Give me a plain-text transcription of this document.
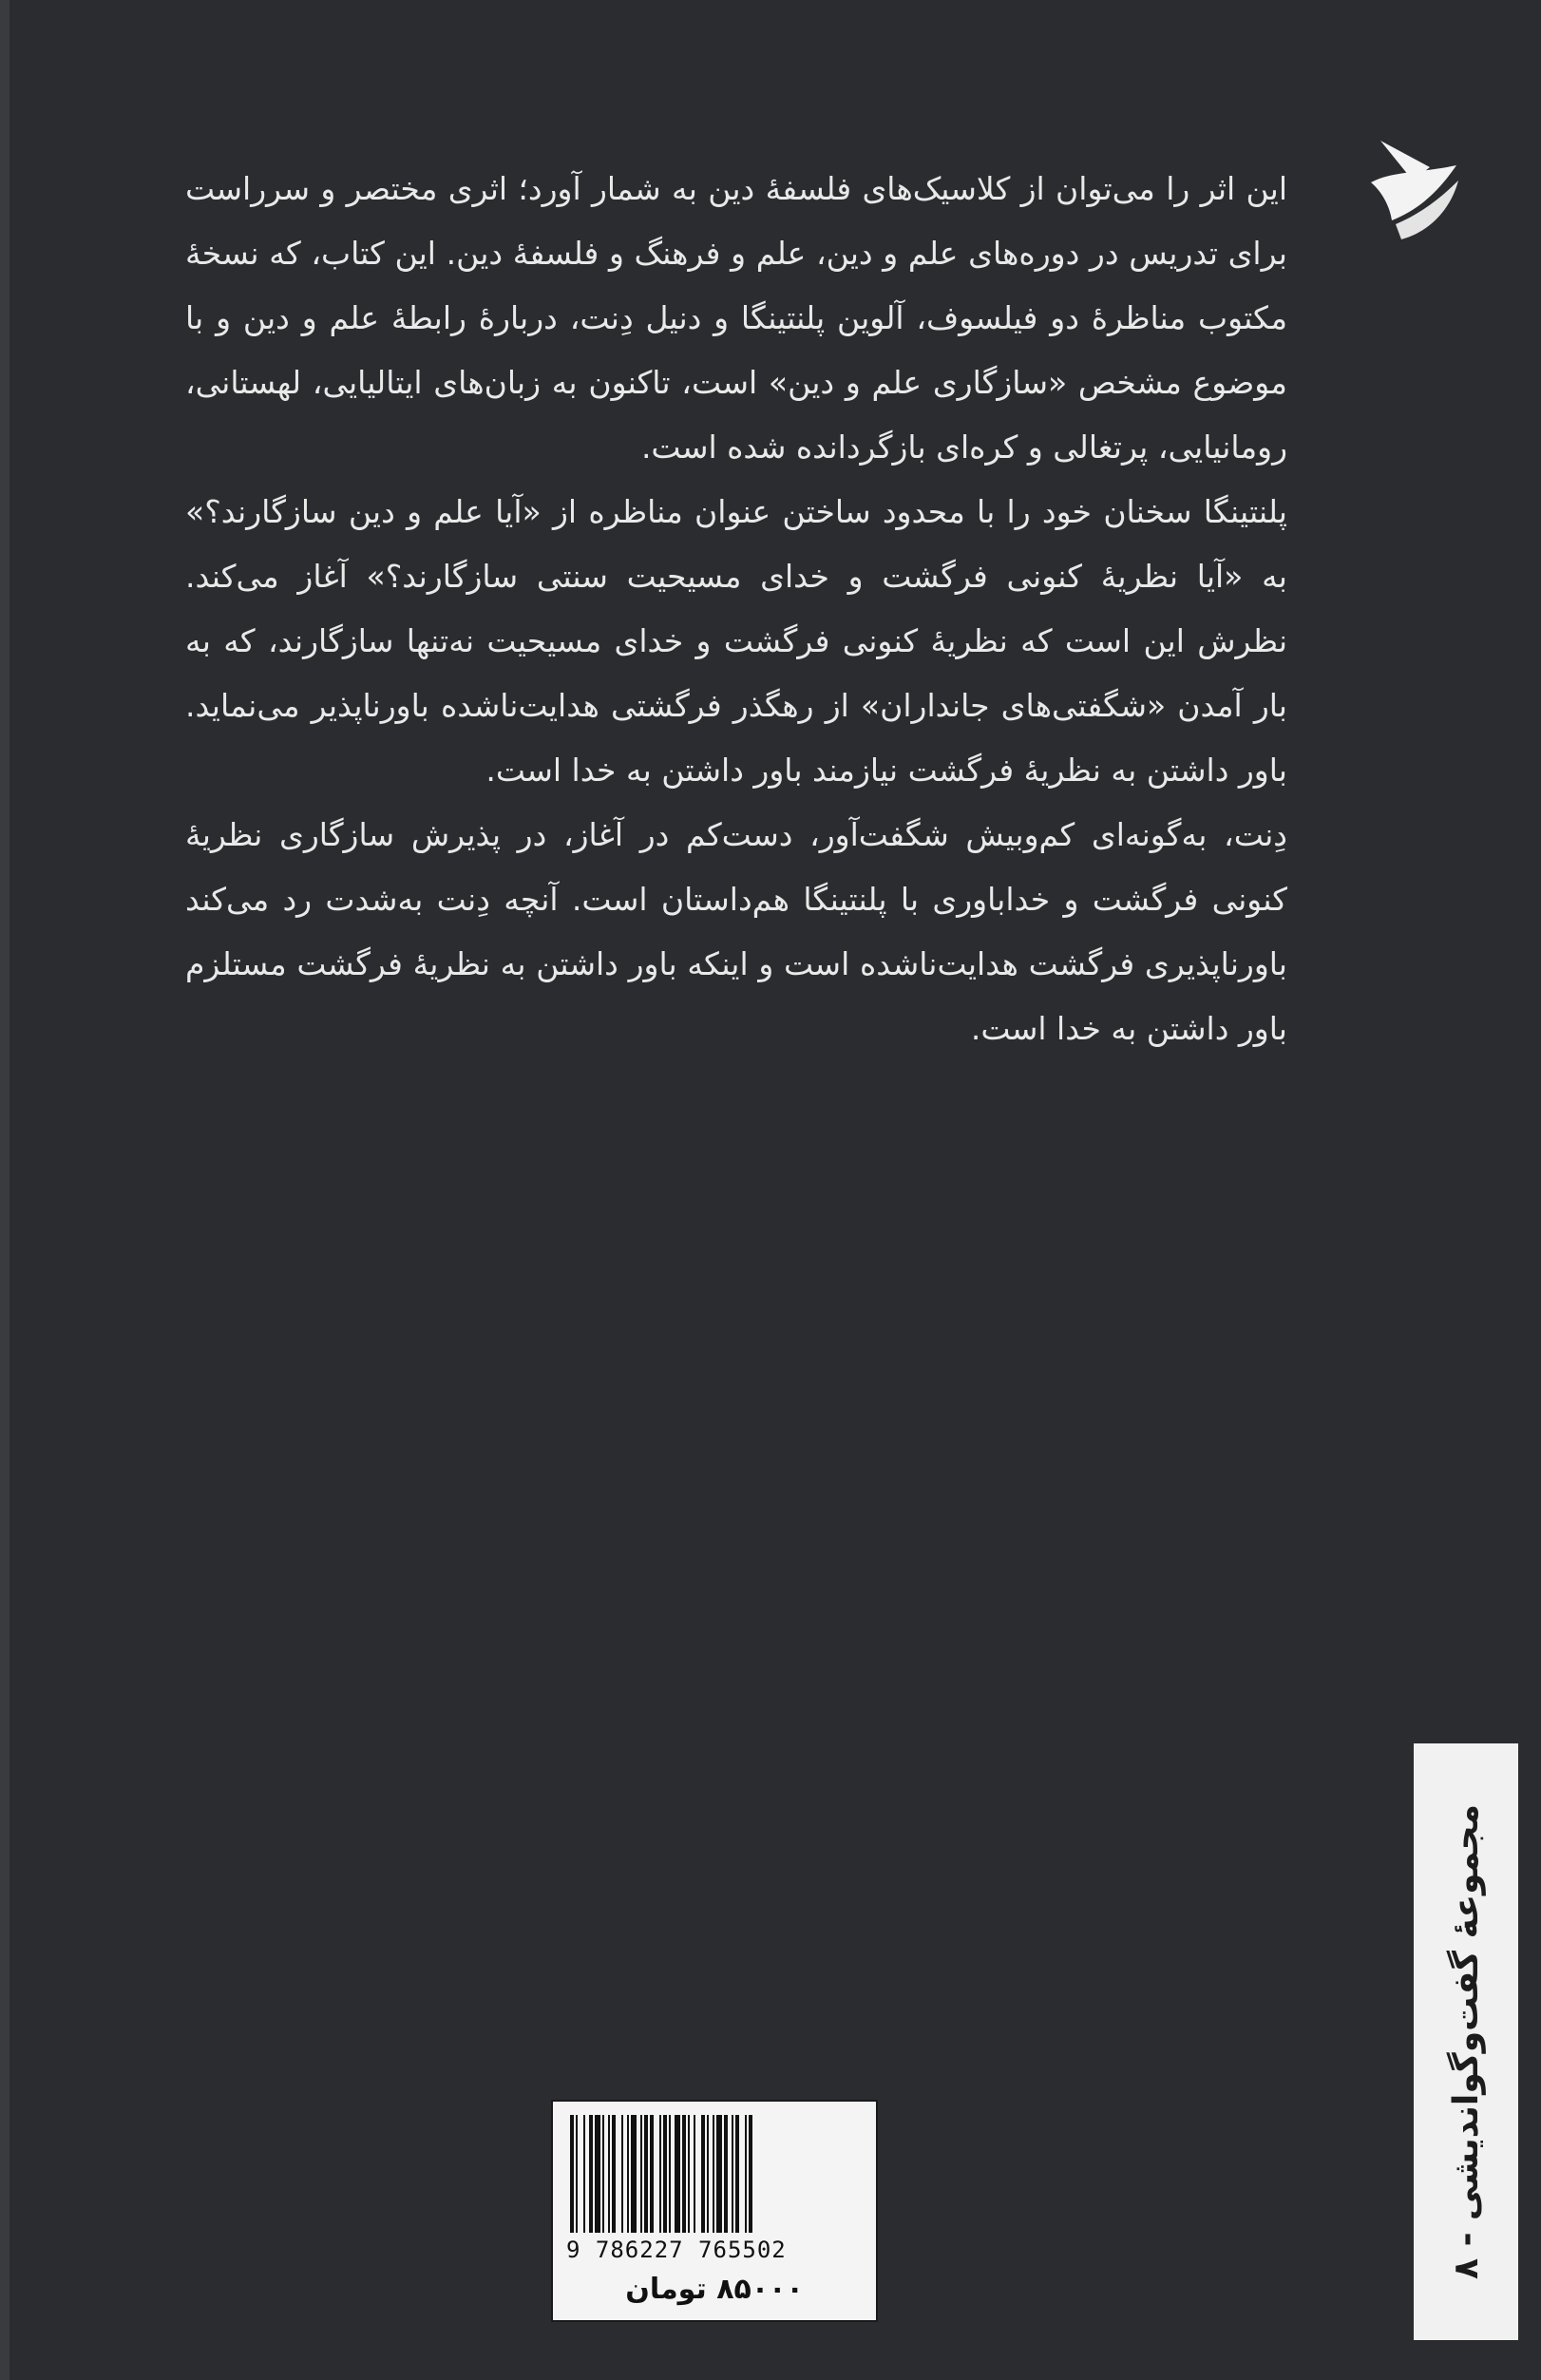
این اثر را می‌توان از کلاسیک‌های فلسفهٔ دین به شمار آورد؛ اثری مختصر و سرراست برای تدریس در دوره‌های علم و دین، علم و فرهنگ و فلسفهٔ دین. این کتاب، که نسخهٔ مکتوب مناظرهٔ دو فیلسوف، آلوین پلنتینگا و دنیل دِنت، دربارهٔ رابطهٔ علم و دین و با موضوع مشخص «سازگاری علم و دین» است، تاکنون به زبان‌های ایتالیایی، لهستانی، رومانیایی، پرتغالی و کره‌ای بازگردانده شده است.

پلنتینگا سخنان خود را با محدود ساختن عنوان مناظره از «آیا علم و دین سازگارند؟» به «آیا نظریهٔ کنونی فرگشت و خدای مسیحیت سنتی سازگارند؟» آغاز می‌کند. نظرش این است که نظریهٔ کنونی فرگشت و خدای مسیحیت نه‌تنها سازگارند، که به بار آمدن «شگفتی‌های جانداران» از رهگذر فرگشتی هدایت‌ناشده باورناپذیر می‌نماید. باور داشتن به نظریهٔ فرگشت نیازمند باور داشتن به خدا است.

دِنت، به‌گونه‌ای کم‌وبیش شگفت‌آور، دست‌کم در آغاز، در پذیرش سازگاری نظریهٔ کنونی فرگشت و خداباوری با پلنتینگا هم‌داستان است. آنچه دِنت به‌شدت رد می‌کند باورناپذیری فرگشت هدایت‌ناشده است و اینکه باور داشتن به نظریهٔ فرگشت مستلزم باور داشتن به خدا است.

مجموعهٔ گفت‌وگواندیشی - ۸
9 786227 765502
۸۵۰۰۰ تومان
